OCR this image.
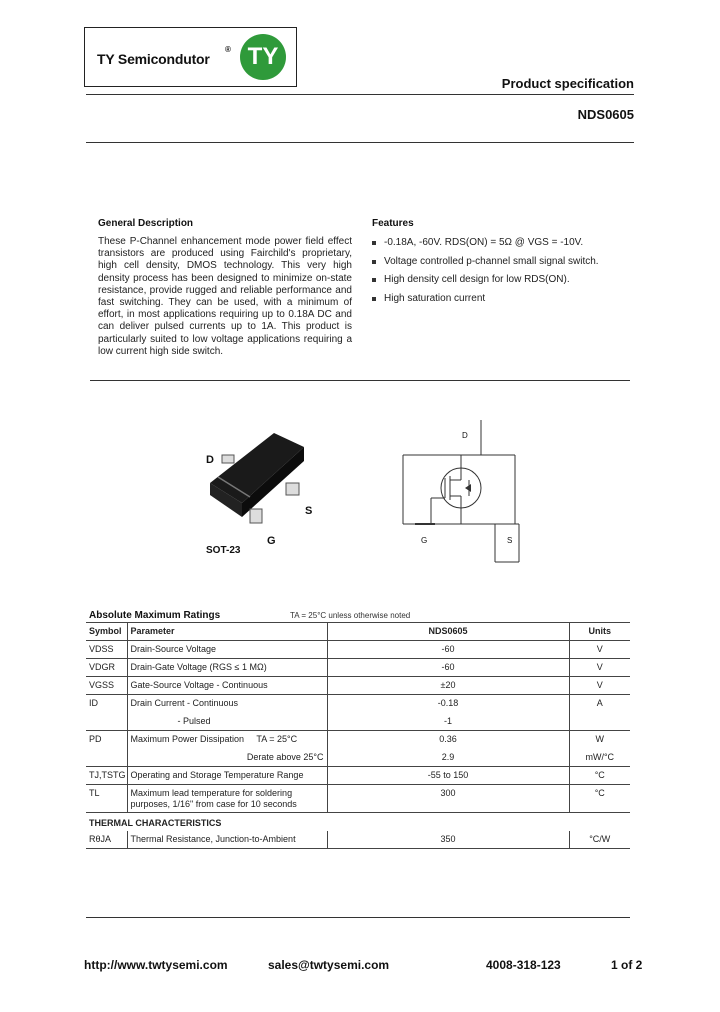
TY Semicondutor
® TY
Product specification
NDS0605
General Description
These P-Channel enhancement mode power field effect transistors are produced using Fairchild's proprietary, high cell density, DMOS technology. This very high density process has been designed to minimize on-state resistance, provide rugged and reliable performance and fast switching. They can be used, with a minimum of effort, in most applications requiring up to 0.18A DC and can deliver pulsed currents up to 1A. This product is particularly suited to low voltage applications requiring a low current high side switch.
Features
-0.18A, -60V. RDS(ON) = 5Ω @ VGS = -10V.
Voltage controlled p-channel small signal switch.
High density cell design for low RDS(ON).
High saturation current
D
S
G
SOT-23
D
G	S
Absolute Maximum Ratings	TA = 25°C unless otherwise noted
Symbol	Parameter	NDS0605	Units
VDSS	Drain-Source Voltage	-60	V
VDGR	Drain-Gate Voltage (RGS ≤ 1 MΩ)	-60	V
VGSS	Gate-Source Voltage - Continuous	±20	V
ID	Drain Current - Continuous	-0.18	A
	- Pulsed	-1	
PD	Maximum Power Dissipation     TA = 25°C	0.36	W
	Derate above 25°C	2.9	mW/°C
TJ,TSTG	Operating and Storage Temperature Range	-55 to 150	°C
TL	Maximum lead temperature for soldering purposes, 1/16" from case for 10 seconds	300	°C
THERMAL CHARACTERISTICS			
RθJA	Thermal Resistance, Junction-to-Ambient	350	°C/W
http://www.twtysemi.com	sales@twtysemi.com	4008-318-123	1 of 2
